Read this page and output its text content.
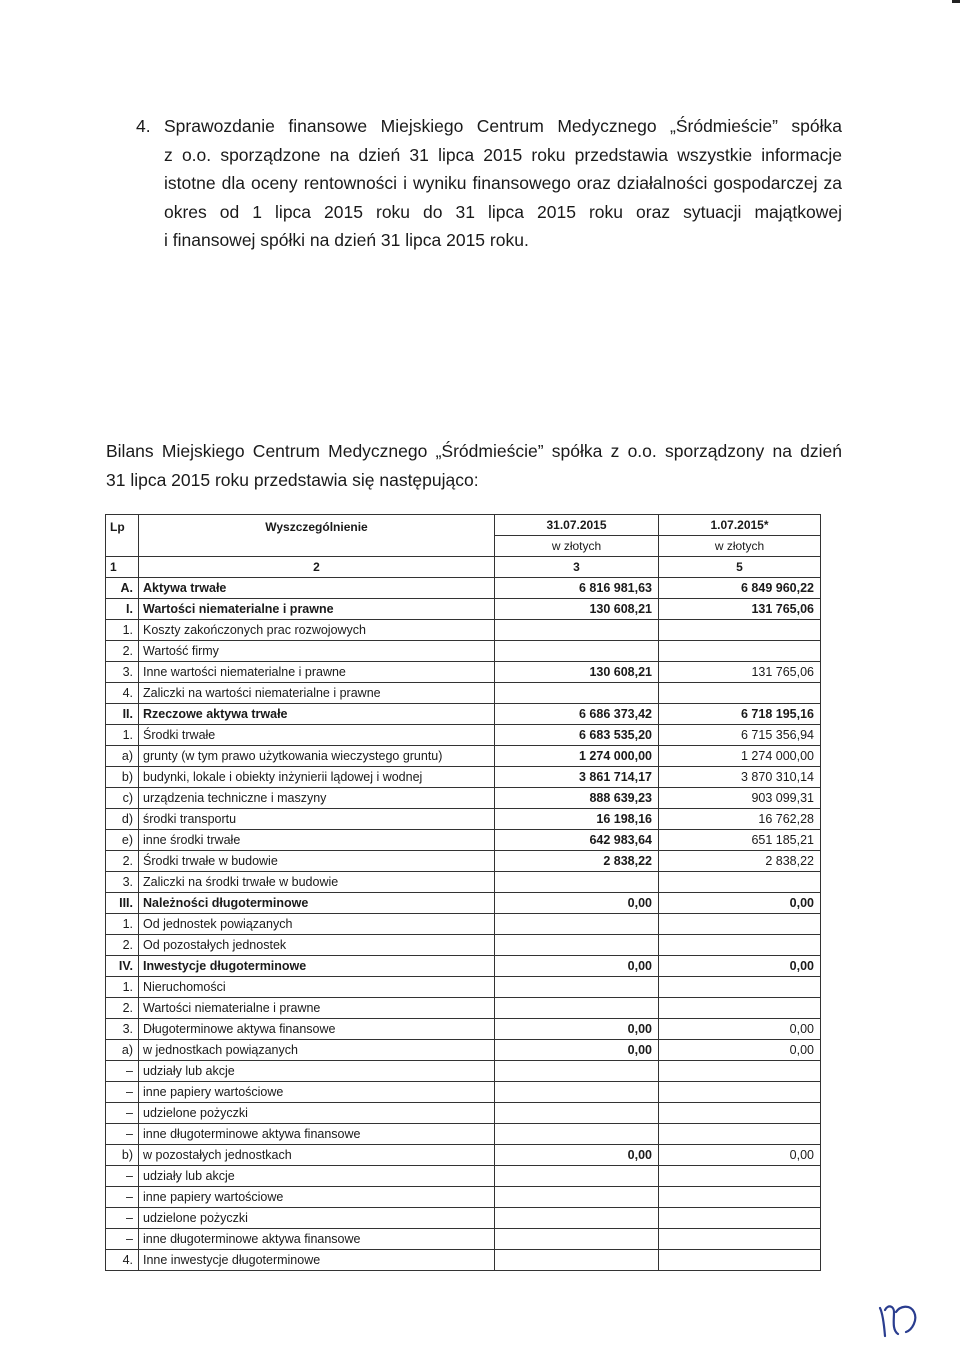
4. Sprawozdanie finansowe Miejskiego Centrum Medycznego „Śródmieście” spółka
z o.o. sporządzone na dzień 31 lipca 2015 roku przedstawia wszystkie informacje
istotne dla oceny rentowności i wyniku finansowego oraz działalności gospodarczej za
okres od 1 lipca 2015 roku do 31 lipca 2015 roku oraz sytuacji majątkowej
i finansowej spółki na dzień 31 lipca 2015 roku.
Bilans Miejskiego Centrum Medycznego „Śródmieście” spółka z o.o. sporządzony na dzień
31 lipca 2015 roku przedstawia się następująco:
Lp	Wyszczególnienie	31.07.2015	1.07.2015*
		w złotych	w złotych
1	2	3	5
A.	Aktywa trwałe	6 816 981,63	6 849 960,22
I.	Wartości niematerialne i prawne	130 608,21	131 765,06
1.	Koszty zakończonych prac rozwojowych		
2.	Wartość firmy		
3.	Inne wartości niematerialne i prawne	130 608,21	131 765,06
4.	Zaliczki na wartości niematerialne i prawne		
II.	Rzeczowe aktywa trwałe	6 686 373,42	6 718 195,16
1.	Środki trwałe	6 683 535,20	6 715 356,94
a)	grunty (w tym prawo użytkowania wieczystego gruntu)	1 274 000,00	1 274 000,00
b)	budynki, lokale i obiekty inżynierii lądowej i wodnej	3 861 714,17	3 870 310,14
c)	urządzenia techniczne i maszyny	888 639,23	903 099,31
d)	środki transportu	16 198,16	16 762,28
e)	inne środki trwałe	642 983,64	651 185,21
2.	Środki trwałe w budowie	2 838,22	2 838,22
3.	Zaliczki na środki trwałe w budowie		
III.	Należności długoterminowe	0,00	0,00
1.	Od jednostek powiązanych		
2.	Od pozostałych jednostek		
IV.	Inwestycje długoterminowe	0,00	0,00
1.	Nieruchomości		
2.	Wartości niematerialne i prawne		
3.	Długoterminowe aktywa finansowe	0,00	0,00
a)	w jednostkach powiązanych	0,00	0,00
–	udziały lub akcje		
–	inne papiery wartościowe		
–	udzielone pożyczki		
–	inne długoterminowe aktywa finansowe		
b)	w pozostałych jednostkach	0,00	0,00
–	udziały lub akcje		
–	inne papiery wartościowe		
–	udzielone pożyczki		
–	inne długoterminowe aktywa finansowe		
4.	Inne inwestycje długoterminowe		
